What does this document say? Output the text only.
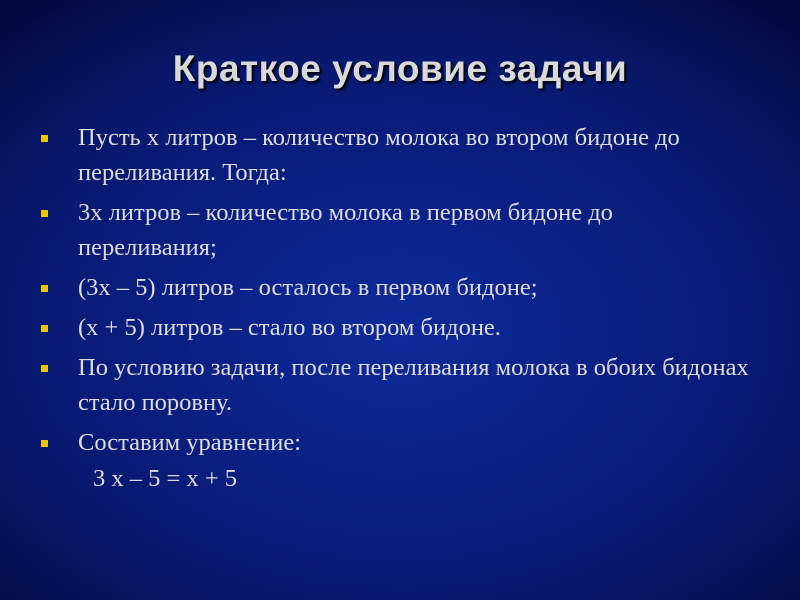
Краткое условие задачи
Пусть х литров – количество молока во втором бидоне до переливания. Тогда:
3х литров – количество молока в первом бидоне до переливания;
(3х – 5) литров – осталось в первом бидоне;
(х + 5) литров – стало во втором бидоне.
По условию задачи, после переливания молока в обоих бидонах стало поровну.
Составим уравнение:
3 х – 5 = х + 5
